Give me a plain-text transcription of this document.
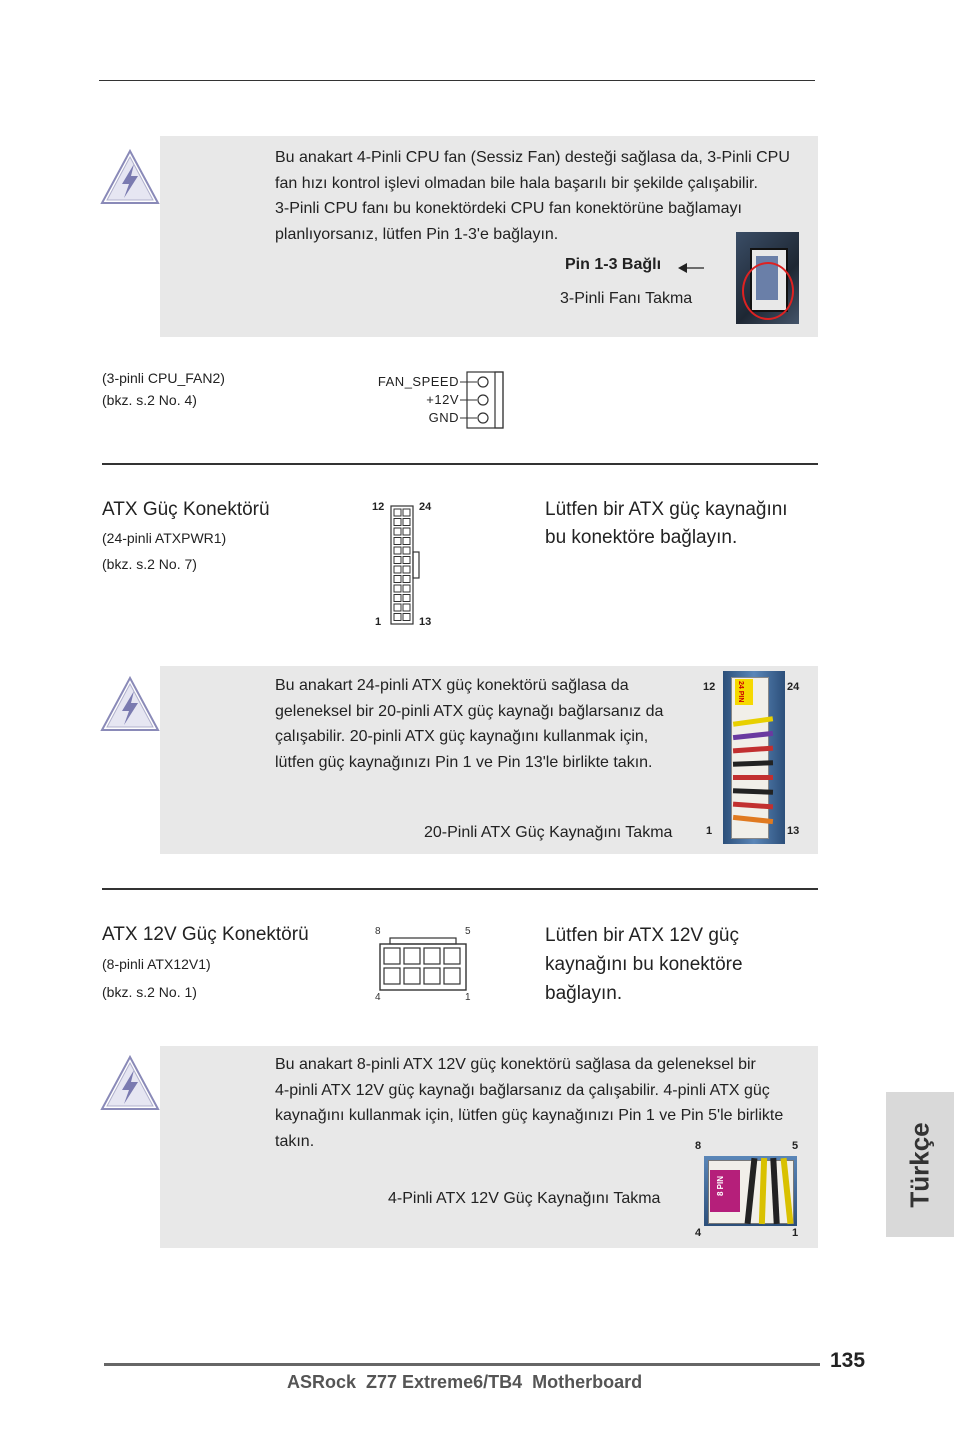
Bu anakart 4-Pinli CPU fan (Sessiz Fan) desteği sağlasa da, 3-Pinli CPU
fan hızı kontrol işlevi olmadan bile hala başarılı bir şekilde çalışabilir.
3-Pinli CPU fanı bu konektördeki CPU fan konektörüne bağlamayı
planlıyorsanız, lütfen Pin 1-3'e bağlayın.
Pin 1-3 Bağlı
3-Pinli Fanı Takma
(3-pinli CPU_FAN2)
(bkz. s.2 No. 4)
FAN_SPEED
+12V
GND
ATX Güç Konektörü
(24-pinli ATXPWR1)
(bkz. s.2 No. 7)
Lütfen bir ATX güç kaynağını
bu konektöre bağlayın.
12	24
1	13
Bu anakart 24-pinli ATX güç konektörü sağlasa da
geleneksel bir 20-pinli ATX güç kaynağı bağlarsanız da
çalışabilir. 20-pinli ATX güç kaynağını kullanmak için,
lütfen güç kaynağınızı Pin 1 ve Pin 13'le birlikte takın.
20-Pinli ATX Güç Kaynağını Takma
12	24
1	13
24 PIN
ATX 12V Güç Konektörü
(8-pinli ATX12V1)
(bkz. s.2 No. 1)
Lütfen bir ATX 12V güç
kaynağını bu konektöre
bağlayın.
8	5
4	1
Bu anakart 8-pinli ATX 12V güç konektörü sağlasa da geleneksel bir
4-pinli ATX 12V güç kaynağı bağlarsanız da çalışabilir. 4-pinli ATX güç
kaynağını kullanmak için, lütfen güç kaynağınızı Pin 1 ve Pin 5'le birlikte
takın.
4-Pinli ATX 12V Güç Kaynağını Takma
8	5
4	1
8 PIN	Türkçe
135
ASRock  Z77 Extreme6/TB4  Motherboard
